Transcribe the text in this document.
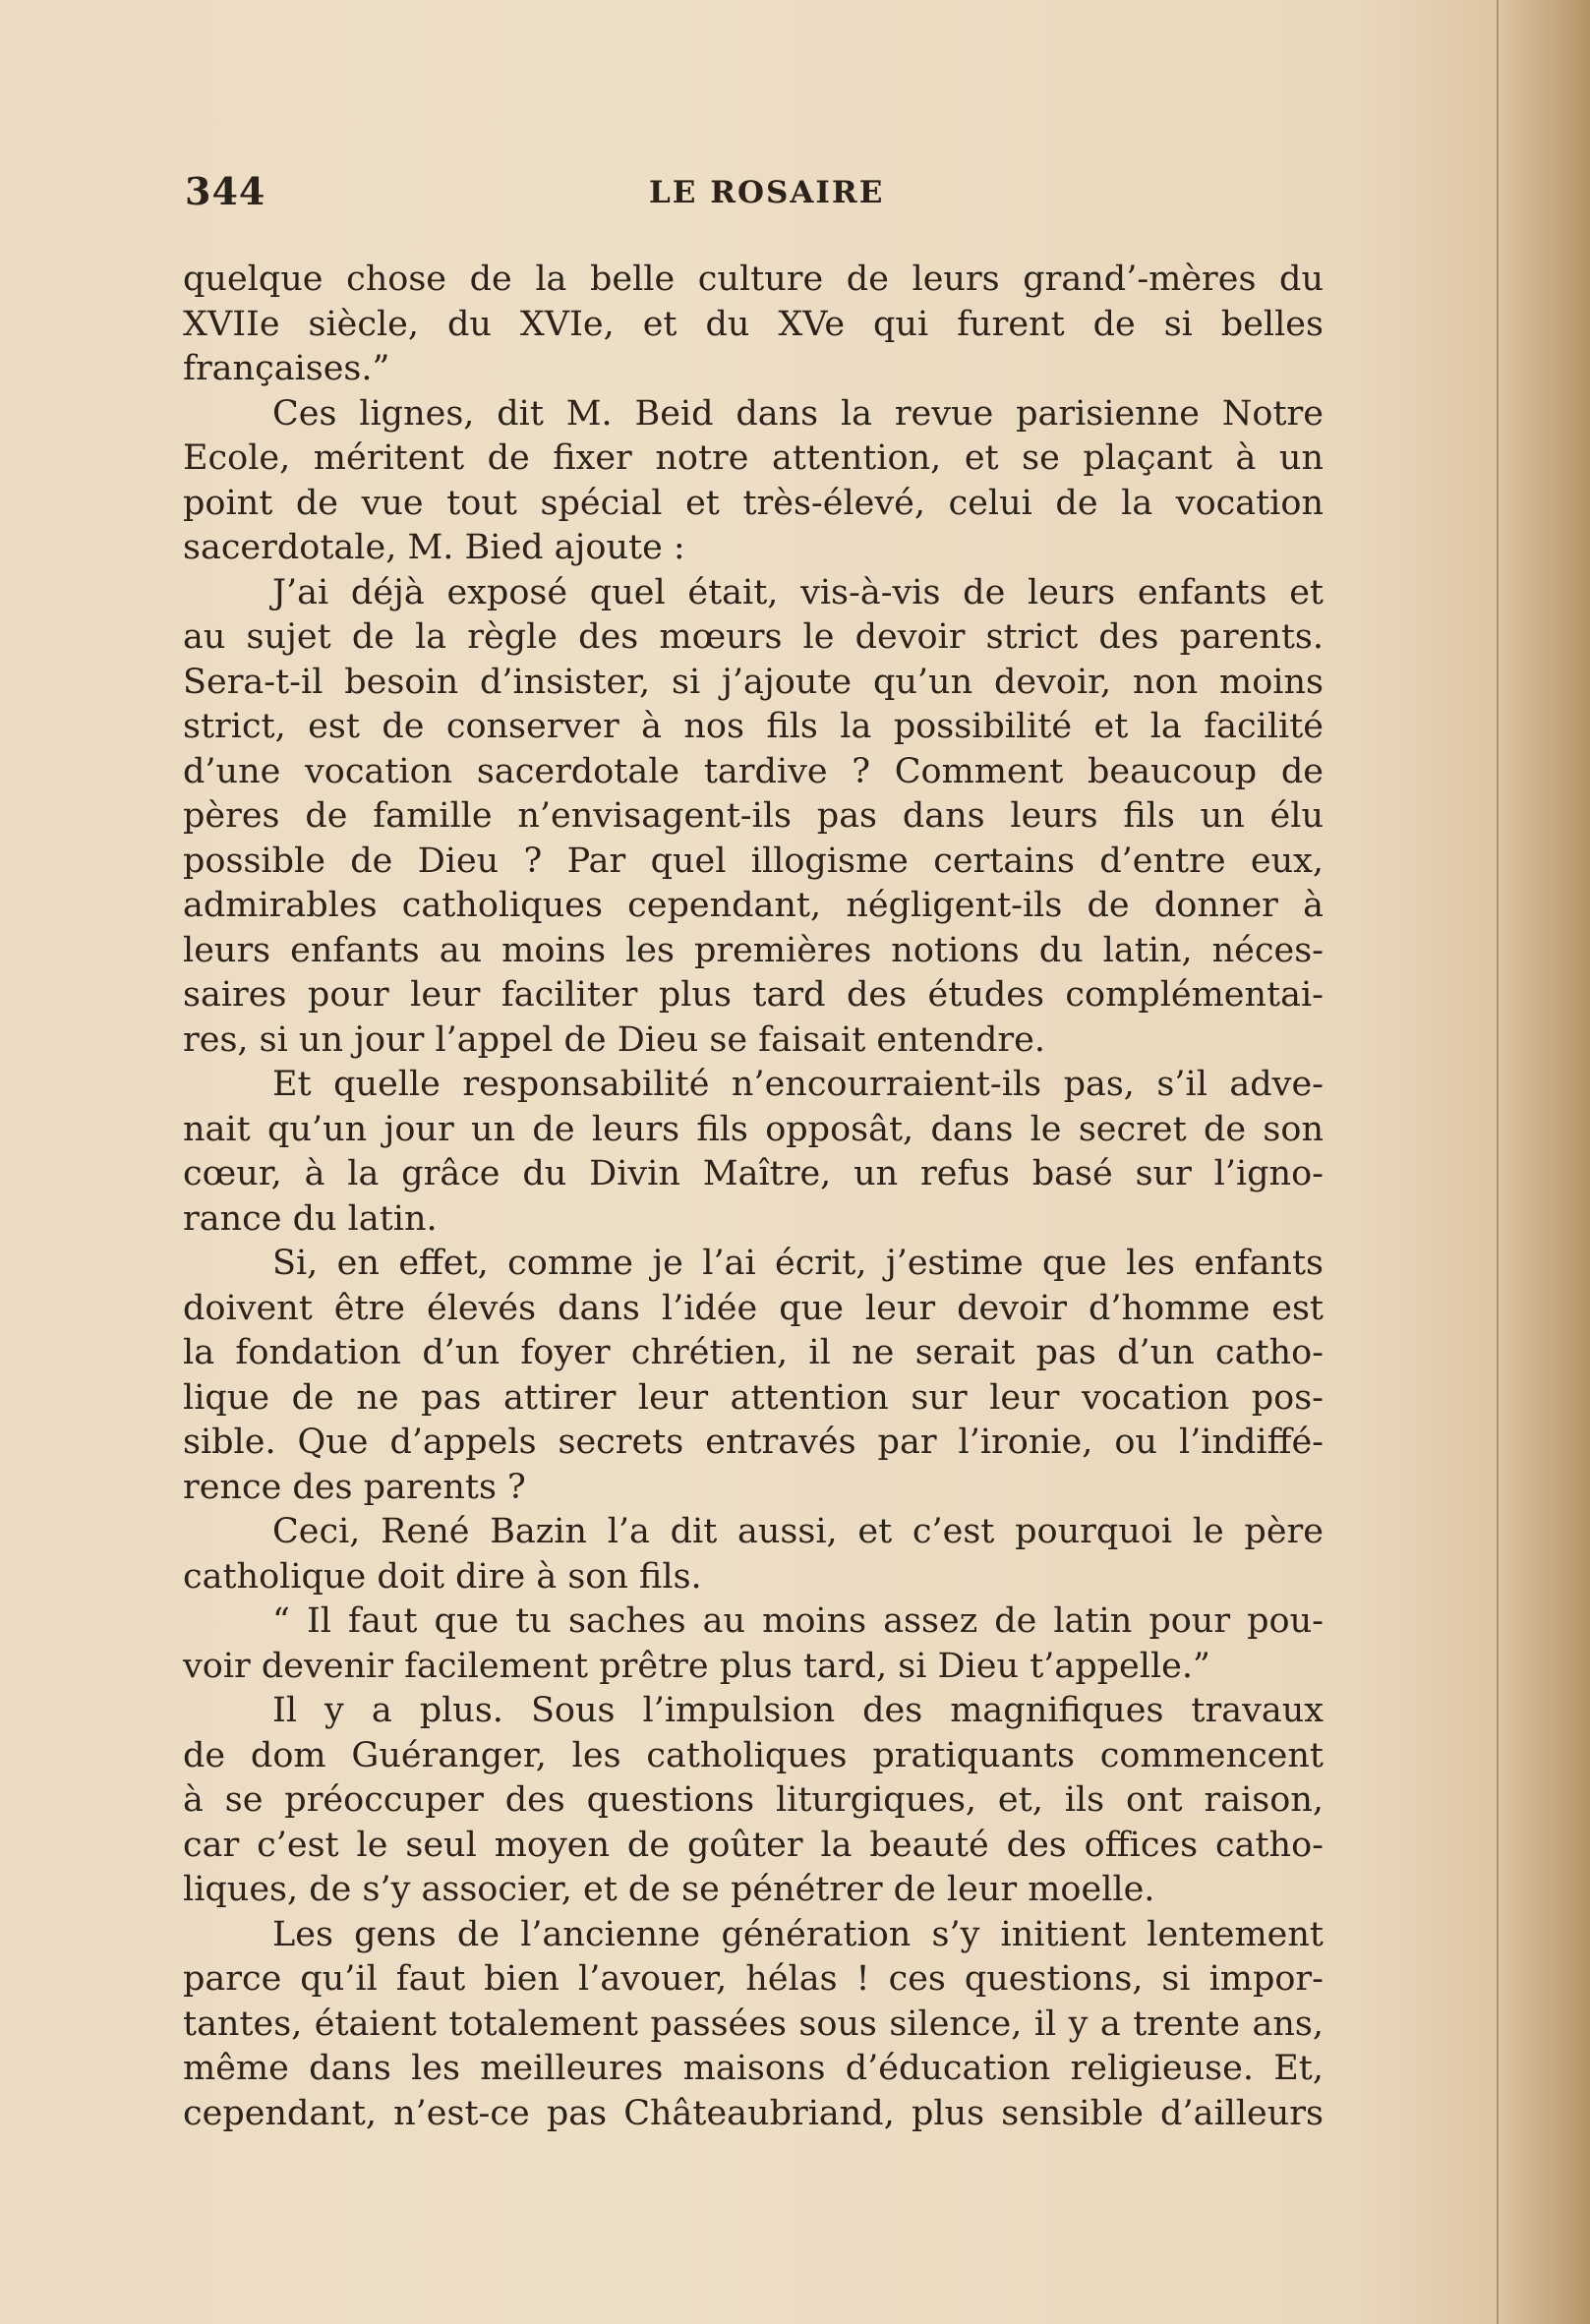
344	LE ROSAIRE
quelque chose de la belle culture de leurs grand’-mères du
XVIIe siècle, du XVIe, et du XVe qui furent de si belles
françaises.”
Ces lignes, dit M. Beid dans la revue parisienne Notre
Ecole, méritent de fixer notre attention, et se plaçant à un
point de vue tout spécial et très-élevé, celui de la vocation
sacerdotale, M. Bied ajoute :
J’ai déjà exposé quel était, vis-à-vis de leurs enfants et
au sujet de la règle des mœurs le devoir strict des parents.
Sera-t-il besoin d’insister, si j’ajoute qu’un devoir, non moins
strict, est de conserver à nos fils la possibilité et la facilité
d’une vocation sacerdotale tardive ? Comment beaucoup de
pères de famille n’envisagent-ils pas dans leurs fils un élu
possible de Dieu ? Par quel illogisme certains d’entre eux,
admirables catholiques cependant, négligent-ils de donner à
leurs enfants au moins les premières notions du latin, néces-
saires pour leur faciliter plus tard des études complémentai-
res, si un jour l’appel de Dieu se faisait entendre.
Et quelle responsabilité n’encourraient-ils pas, s’il adve-
nait qu’un jour un de leurs fils opposât, dans le secret de son
cœur, à la grâce du Divin Maître, un refus basé sur l’igno-
rance du latin.
Si, en effet, comme je l’ai écrit, j’estime que les enfants
doivent être élevés dans l’idée que leur devoir d’homme est
la fondation d’un foyer chrétien, il ne serait pas d’un catho-
lique de ne pas attirer leur attention sur leur vocation pos-
sible. Que d’appels secrets entravés par l’ironie, ou l’indiffé-
rence des parents ?
Ceci, René Bazin l’a dit aussi, et c’est pourquoi le père
catholique doit dire à son fils.
“ Il faut que tu saches au moins assez de latin pour pou-
voir devenir facilement prêtre plus tard, si Dieu t’appelle.”
Il y a plus. Sous l’impulsion des magnifiques travaux
de dom Guéranger, les catholiques pratiquants commencent
à se préoccuper des questions liturgiques, et, ils ont raison,
car c’est le seul moyen de goûter la beauté des offices catho-
liques, de s’y associer, et de se pénétrer de leur moelle.
Les gens de l’ancienne génération s’y initient lentement
parce qu’il faut bien l’avouer, hélas ! ces questions, si impor-
tantes, étaient totalement passées sous silence, il y a trente ans,
même dans les meilleures maisons d’éducation religieuse. Et,
cependant, n’est-ce pas Châteaubriand, plus sensible d’ailleurs
